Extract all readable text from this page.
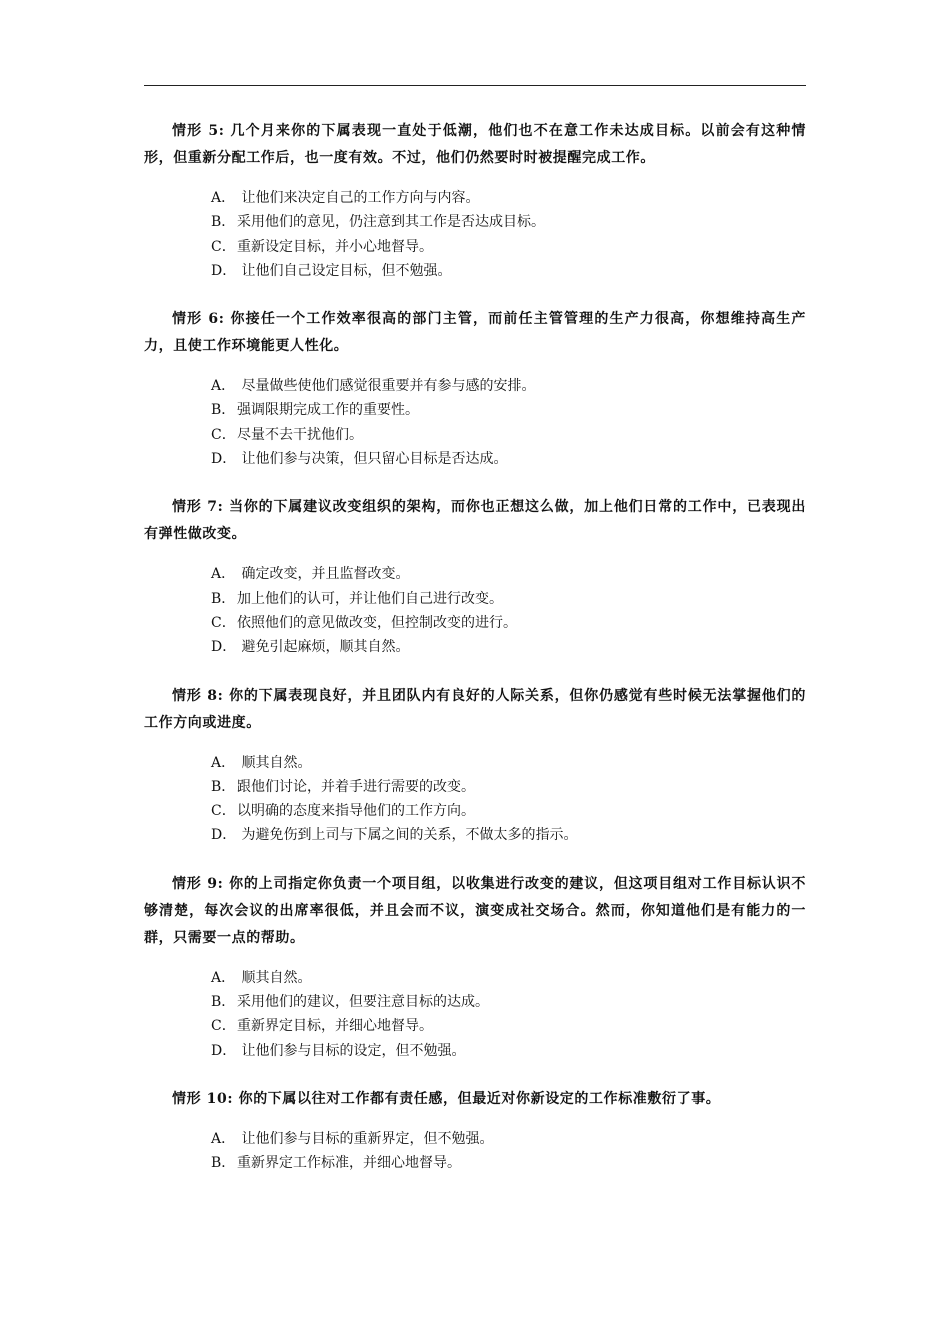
情形 5: 几个月来你的下属表现一直处于低潮，他们也不在意工作未达成目标。以前会有这种情形，但重新分配工作后，也一度有效。不过，他们仍然要时时被提醒完成工作。

A． 让他们来决定自己的工作方向与内容。
B． 采用他们的意见，仍注意到其工作是否达成目标。
C．重新设定目标，并小心地督导。
D． 让他们自己设定目标，但不勉强。

情形 6: 你接任一个工作效率很高的部门主管，而前任主管管理的生产力很高，你想维持高生产力，且使工作环境能更人性化。

A． 尽量做些使他们感觉很重要并有参与感的安排。
B． 强调限期完成工作的重要性。
C．尽量不去干扰他们。
D． 让他们参与决策，但只留心目标是否达成。

情形 7: 当你的下属建议改变组织的架构，而你也正想这么做，加上他们日常的工作中，已表现出有弹性做改变。

A． 确定改变，并且监督改变。
B． 加上他们的认可，并让他们自己进行改变。
C．依照他们的意见做改变，但控制改变的进行。
D． 避免引起麻烦，顺其自然。

情形 8: 你的下属表现良好，并且团队内有良好的人际关系，但你仍感觉有些时候无法掌握他们的工作方向或进度。

A． 顺其自然。
B． 跟他们讨论，并着手进行需要的改变。
C．以明确的态度来指导他们的工作方向。
D． 为避免伤到上司与下属之间的关系，不做太多的指示。

情形 9: 你的上司指定你负责一个项目组，以收集进行改变的建议，但这项目组对工作目标认识不够清楚，每次会议的出席率很低，并且会而不议，演变成社交场合。然而，你知道他们是有能力的一群，只需要一点的帮助。

A． 顺其自然。
B． 采用他们的建议，但要注意目标的达成。
C．重新界定目标，并细心地督导。
D． 让他们参与目标的设定，但不勉强。

情形 10: 你的下属以往对工作都有责任感，但最近对你新设定的工作标准敷衍了事。

A． 让他们参与目标的重新界定，但不勉强。
B． 重新界定工作标准，并细心地督导。
